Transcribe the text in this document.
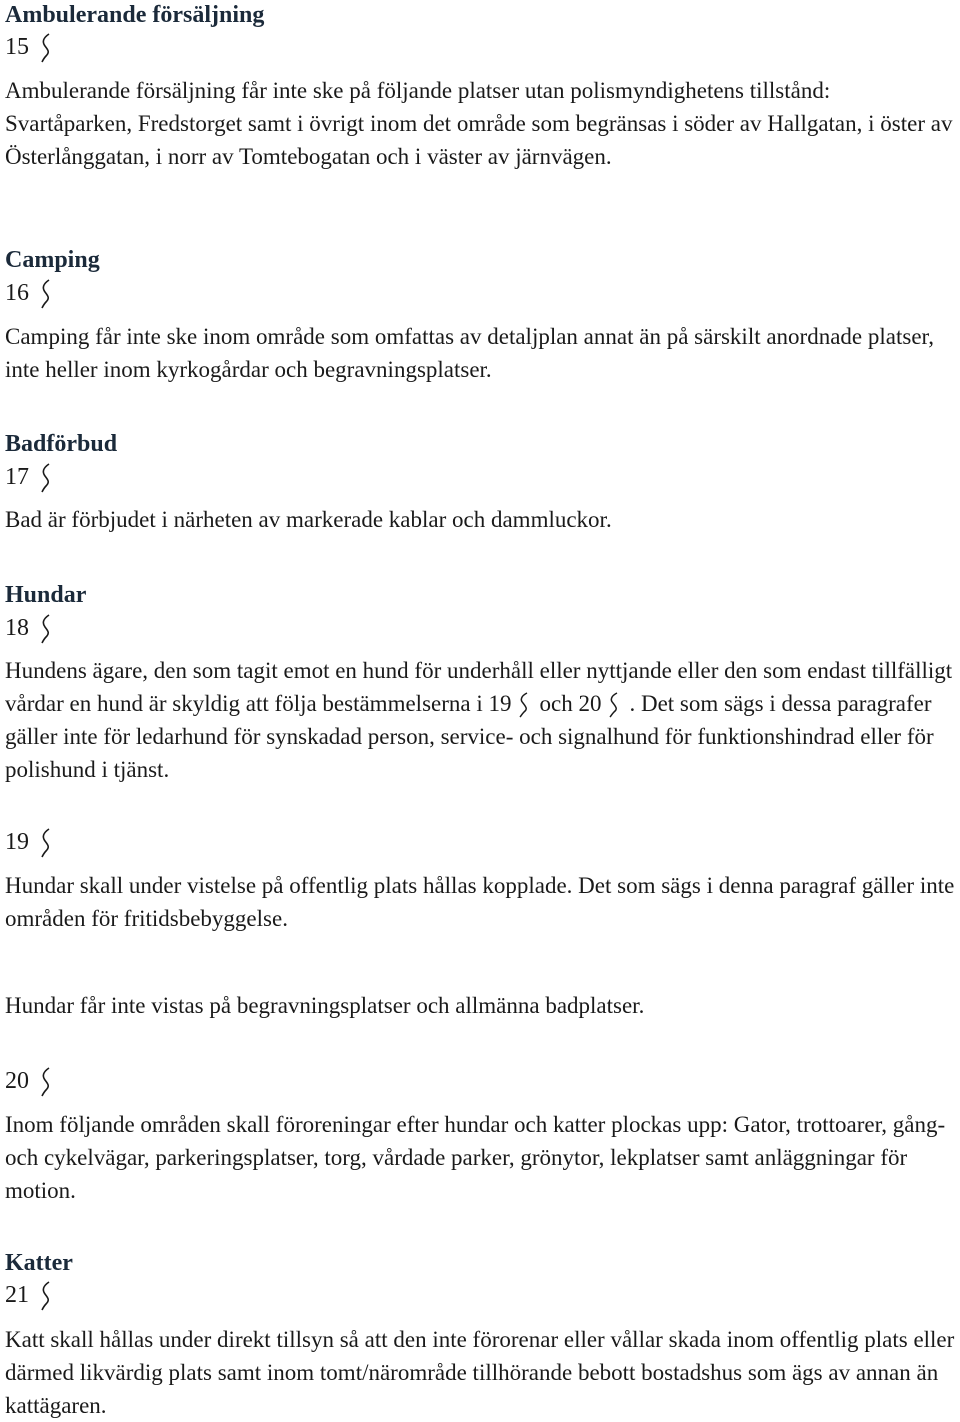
Ambulerande försäljning
15
Ambulerande försäljning får inte ske på följande platser utan polismyndighetens tillstånd: Svartåparken, Fredstorget samt i övrigt inom det område som begränsas i söder av Hallgatan, i öster av Österlånggatan, i norr av Tomtebogatan och i väster av järnvägen.
Camping
16
Camping får inte ske inom område som omfattas av detaljplan annat än på särskilt anordnade platser, inte heller inom kyrkogårdar och begravningsplatser.
Badförbud
17
Bad är förbjudet i närheten av markerade kablar och dammluckor.
Hundar
18
Hundens ägare, den som tagit emot en hund för underhåll eller nyttjande eller den som endast tillfälligt vårdar en hund är skyldig att följa bestämmelserna i 19 och 20 . Det som sägs i dessa paragrafer gäller inte för ledarhund för synskadad person, service- och signalhund för funktionshindrad eller för polishund i tjänst.
19
Hundar skall under vistelse på offentlig plats hållas kopplade. Det som sägs i denna paragraf gäller inte områden för fritidsbebyggelse.
Hundar får inte vistas på begravningsplatser och allmänna badplatser.
20
Inom följande områden skall föroreningar efter hundar och katter plockas upp: Gator, trottoarer, gång- och cykelvägar, parkeringsplatser, torg, vårdade parker, grönytor, lekplatser samt anläggningar för motion.
Katter
21
Katt skall hållas under direkt tillsyn så att den inte förorenar eller vållar skada inom offentlig plats eller därmed likvärdig plats samt inom tomt/närområde tillhörande bebott bostadshus som ägs av annan än kattägaren.
